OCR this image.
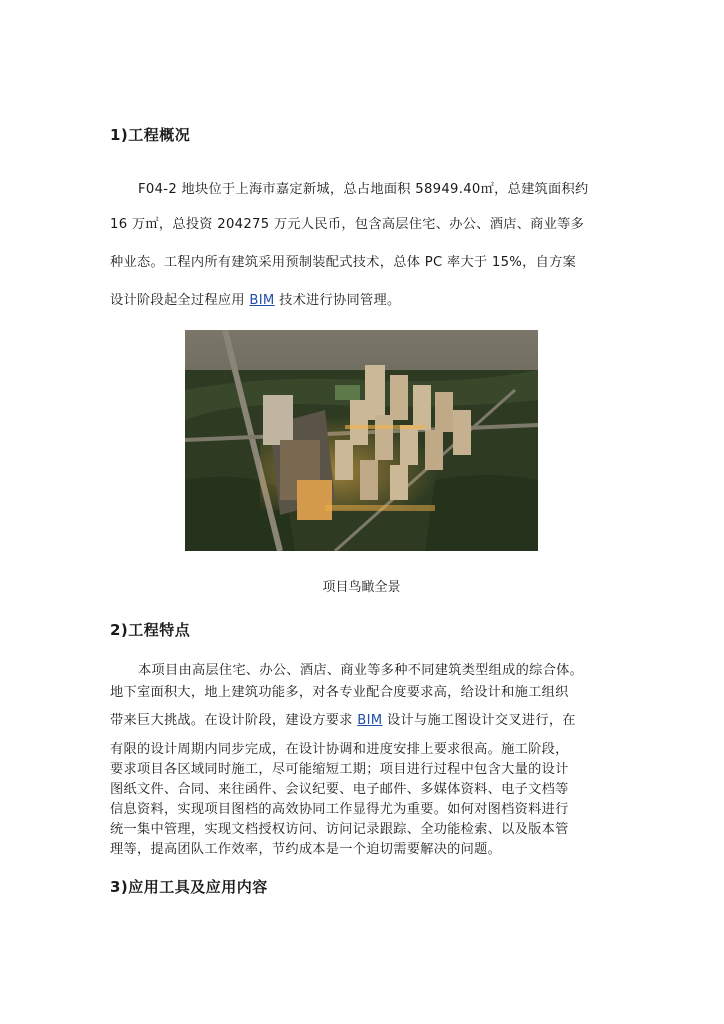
1)工程概况
F04-2 地块位于上海市嘉定新城，总占地面积 58949.40㎡，总建筑面积约
16 万㎡，总投资 204275 万元人民币，包含高层住宅、办公、酒店、商业等多
种业态。工程内所有建筑采用预制装配式技术，总体 PC 率大于 15%，自方案
设计阶段起全过程应用 BIM 技术进行协同管理。
项目鸟瞰全景
2)工程特点
本项目由高层住宅、办公、酒店、商业等多种不同建筑类型组成的综合体。
地下室面积大，地上建筑功能多，对各专业配合度要求高，给设计和施工组织
带来巨大挑战。在设计阶段，建设方要求 BIM 设计与施工图设计交叉进行，在
有限的设计周期内同步完成，在设计协调和进度安排上要求很高。施工阶段，
要求项目各区域同时施工，尽可能缩短工期；项目进行过程中包含大量的设计
图纸文件、合同、来往函件、会议纪要、电子邮件、多媒体资料、电子文档等
信息资料，实现项目图档的高效协同工作显得尤为重要。如何对图档资料进行
统一集中管理，实现文档授权访问、访问记录跟踪、全功能检索、以及版本管
理等，提高团队工作效率，节约成本是一个迫切需要解决的问题。
3)应用工具及应用内容
